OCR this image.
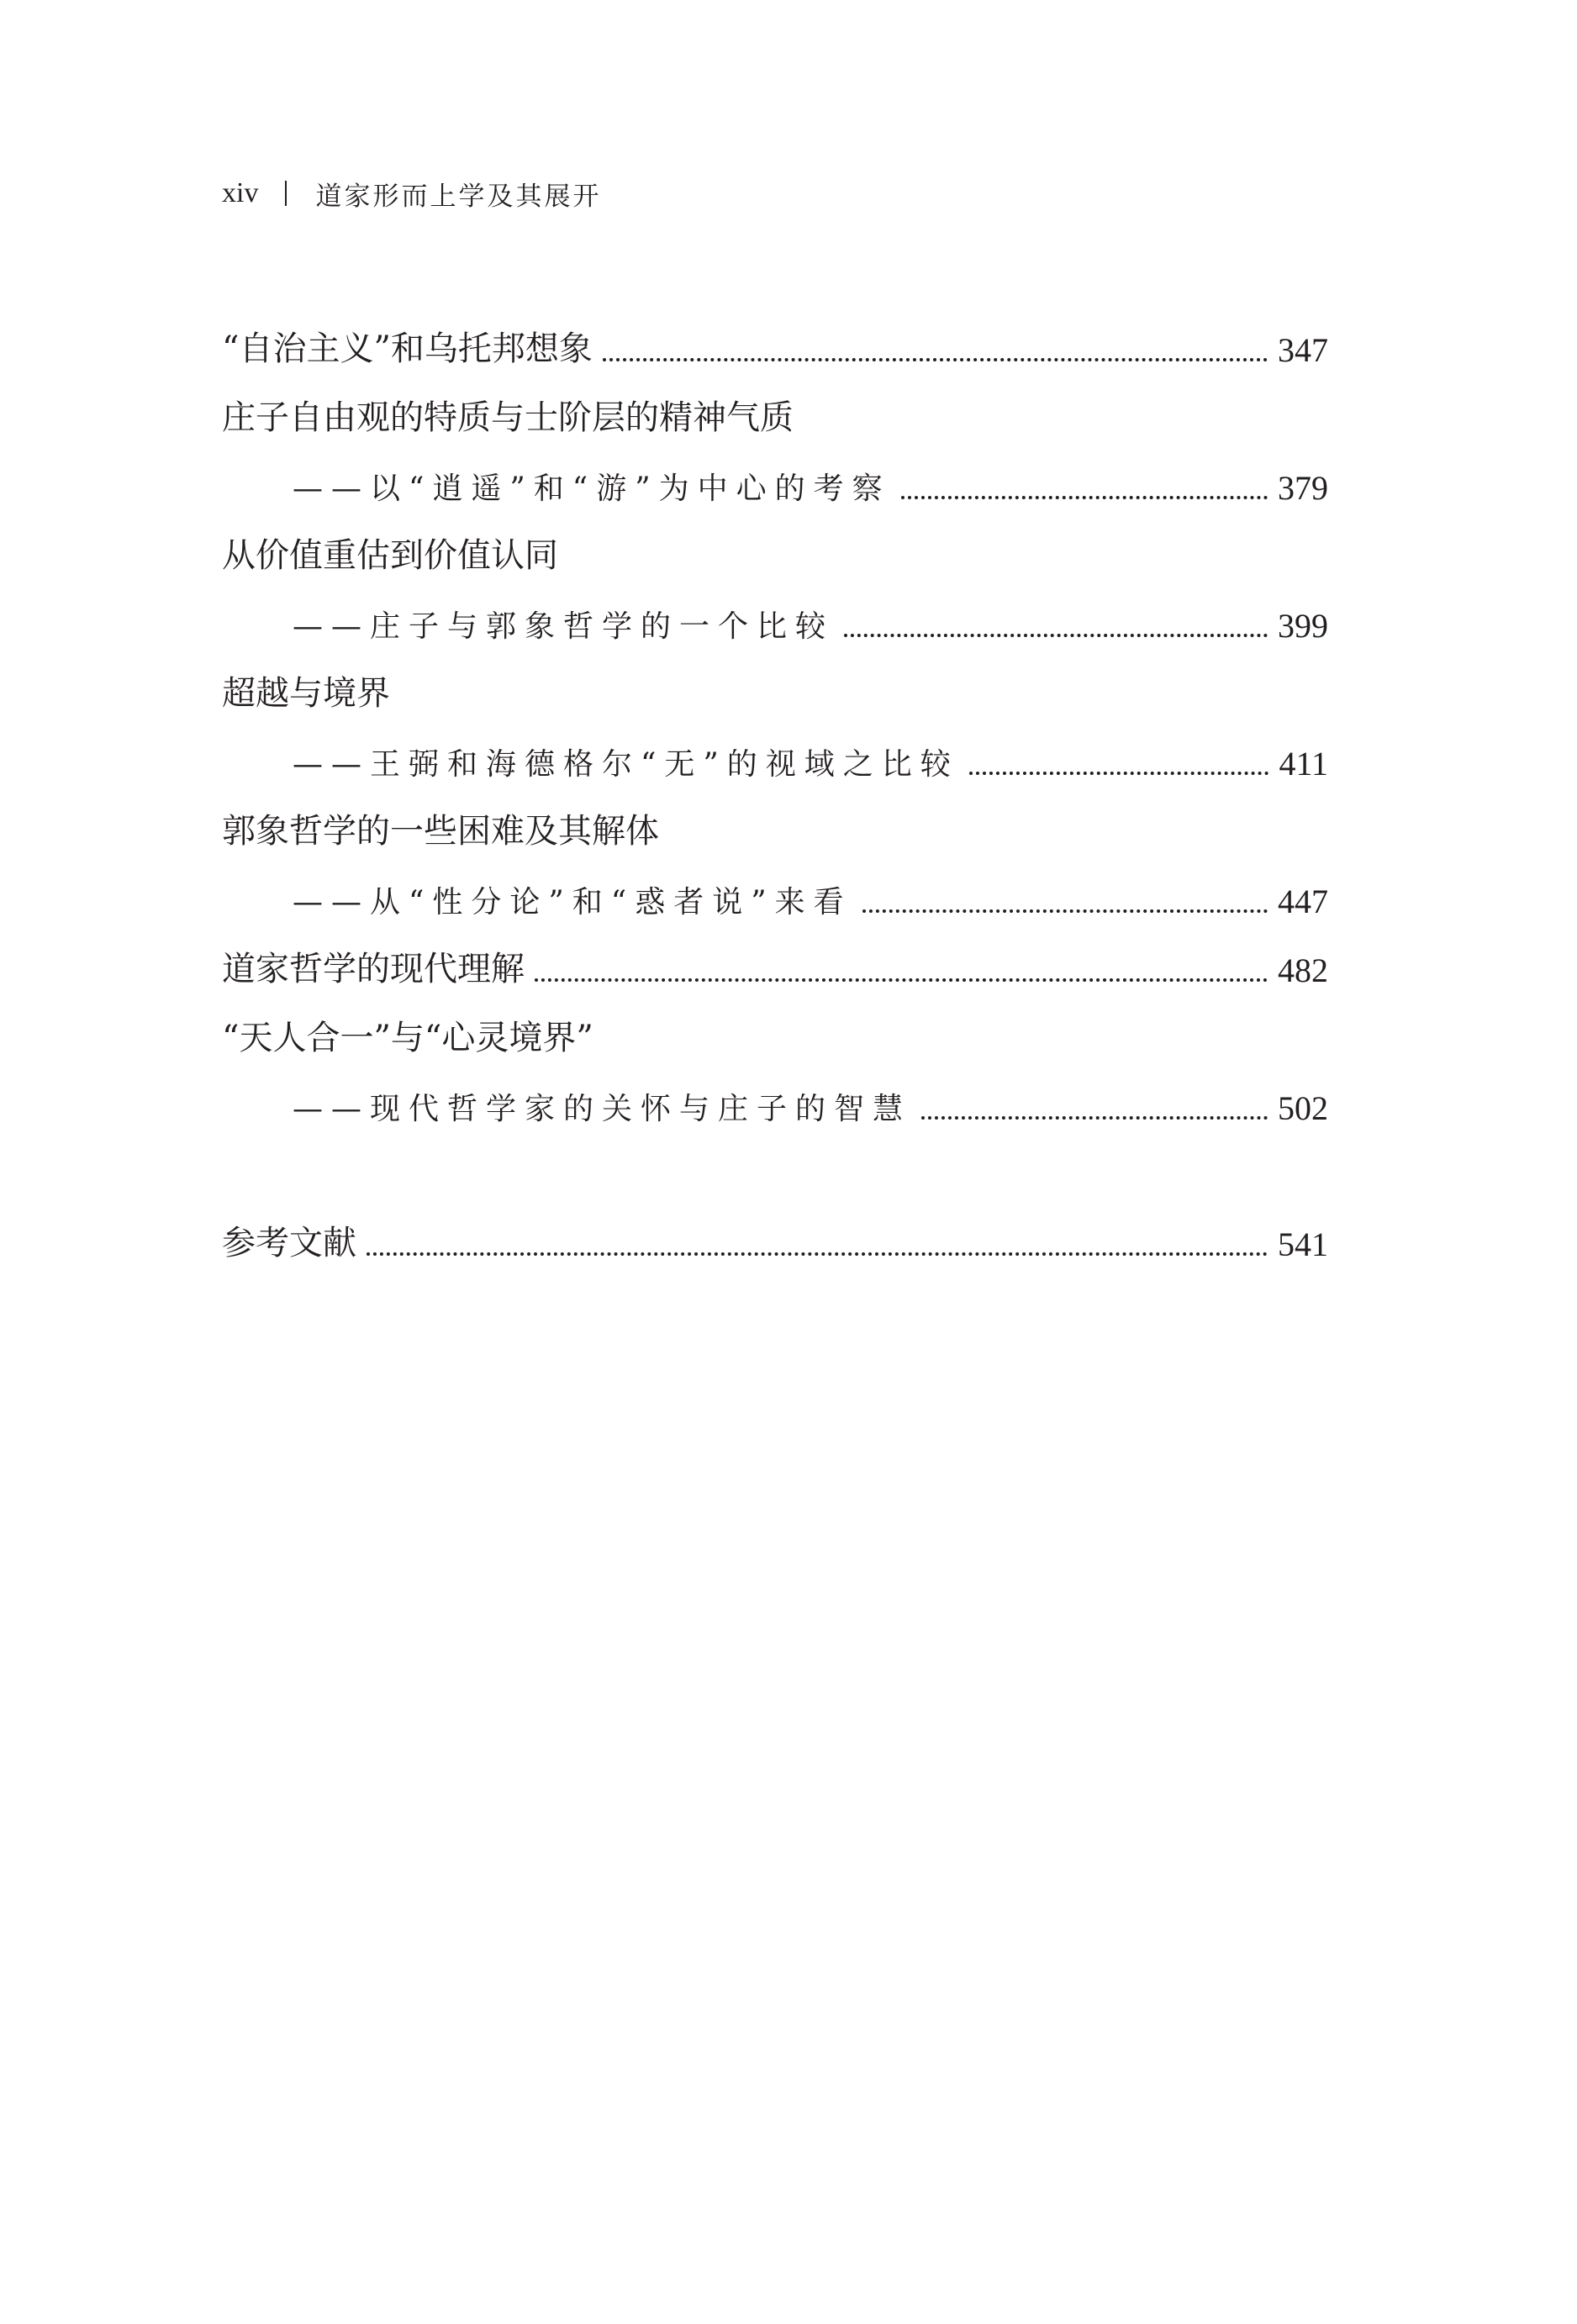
xiv 道家形而上学及其展开
“自治主义”和乌托邦想象	347
庄子自由观的特质与士阶层的精神气质
——以“逍遥”和“游”为中心的考察	379
从价值重估到价值认同
——庄子与郭象哲学的一个比较	399
超越与境界
——王弼和海德格尔“无”的视域之比较	411
郭象哲学的一些困难及其解体
——从“性分论”和“惑者说”来看	447
道家哲学的现代理解	482
“天人合一”与“心灵境界”
——现代哲学家的关怀与庄子的智慧	502
参考文献	541
